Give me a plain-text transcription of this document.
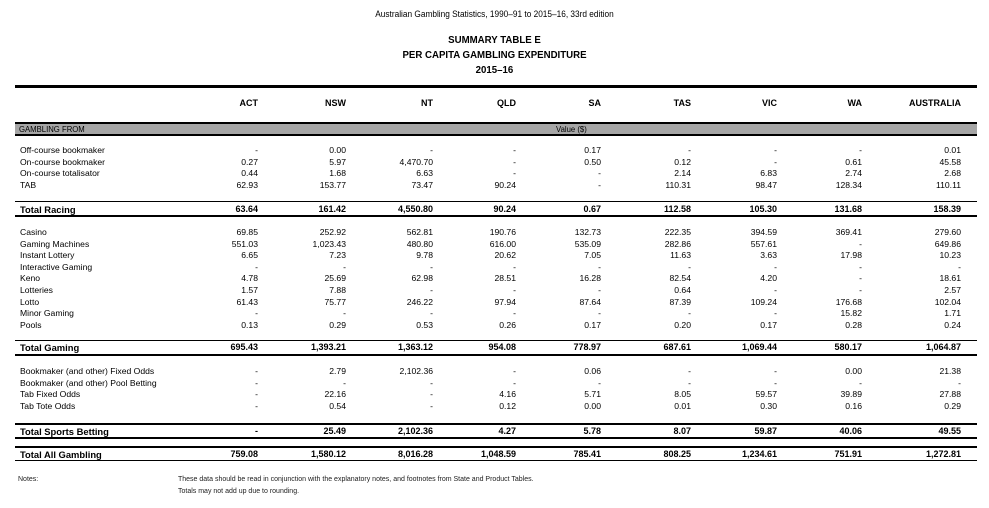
Australian Gambling Statistics, 1990–91 to 2015–16, 33rd edition
SUMMARY TABLE E
PER CAPITA GAMBLING EXPENDITURE
2015–16
ACT	NSW	NT	QLD	SA	TAS	VIC	WA	AUSTRALIA
GAMBLING FROM	Value ($)
Off-course bookmaker	-	0.00	-	-	0.17	-	-	-	0.01
On-course bookmaker	0.27	5.97	4,470.70	-	0.50	0.12	-	0.61	45.58
On-course totalisator	0.44	1.68	6.63	-	-	2.14	6.83	2.74	2.68
TAB	62.93	153.77	73.47	90.24	-	110.31	98.47	128.34	110.11
Total Racing	63.64	161.42	4,550.80	90.24	0.67	112.58	105.30	131.68	158.39
Casino	69.85	252.92	562.81	190.76	132.73	222.35	394.59	369.41	279.60
Gaming Machines	551.03	1,023.43	480.80	616.00	535.09	282.86	557.61	-	649.86
Instant Lottery	6.65	7.23	9.78	20.62	7.05	11.63	3.63	17.98	10.23
Interactive Gaming	-	-	-	-	-	-	-	-	-
Keno	4.78	25.69	62.98	28.51	16.28	82.54	4.20	-	18.61
Lotteries	1.57	7.88	-	-	-	0.64	-	-	2.57
Lotto	61.43	75.77	246.22	97.94	87.64	87.39	109.24	176.68	102.04
Minor Gaming	-	-	-	-	-	-	-	15.82	1.71
Pools	0.13	0.29	0.53	0.26	0.17	0.20	0.17	0.28	0.24
Total Gaming	695.43	1,393.21	1,363.12	954.08	778.97	687.61	1,069.44	580.17	1,064.87
Bookmaker (and other) Fixed Odds	-	2.79	2,102.36	-	0.06	-	-	0.00	21.38
Bookmaker (and other) Pool Betting	-	-	-	-	-	-	-	-	-
Tab Fixed Odds	-	22.16	-	4.16	5.71	8.05	59.57	39.89	27.88
Tab Tote Odds	-	0.54	-	0.12	0.00	0.01	0.30	0.16	0.29
Total Sports Betting	-	25.49	2,102.36	4.27	5.78	8.07	59.87	40.06	49.55
Total All Gambling	759.08	1,580.12	8,016.28	1,048.59	785.41	808.25	1,234.61	751.91	1,272.81
Notes:	These data should be read in conjunction with the explanatory notes, and footnotes from State and Product Tables.
Totals may not add up due to rounding.
